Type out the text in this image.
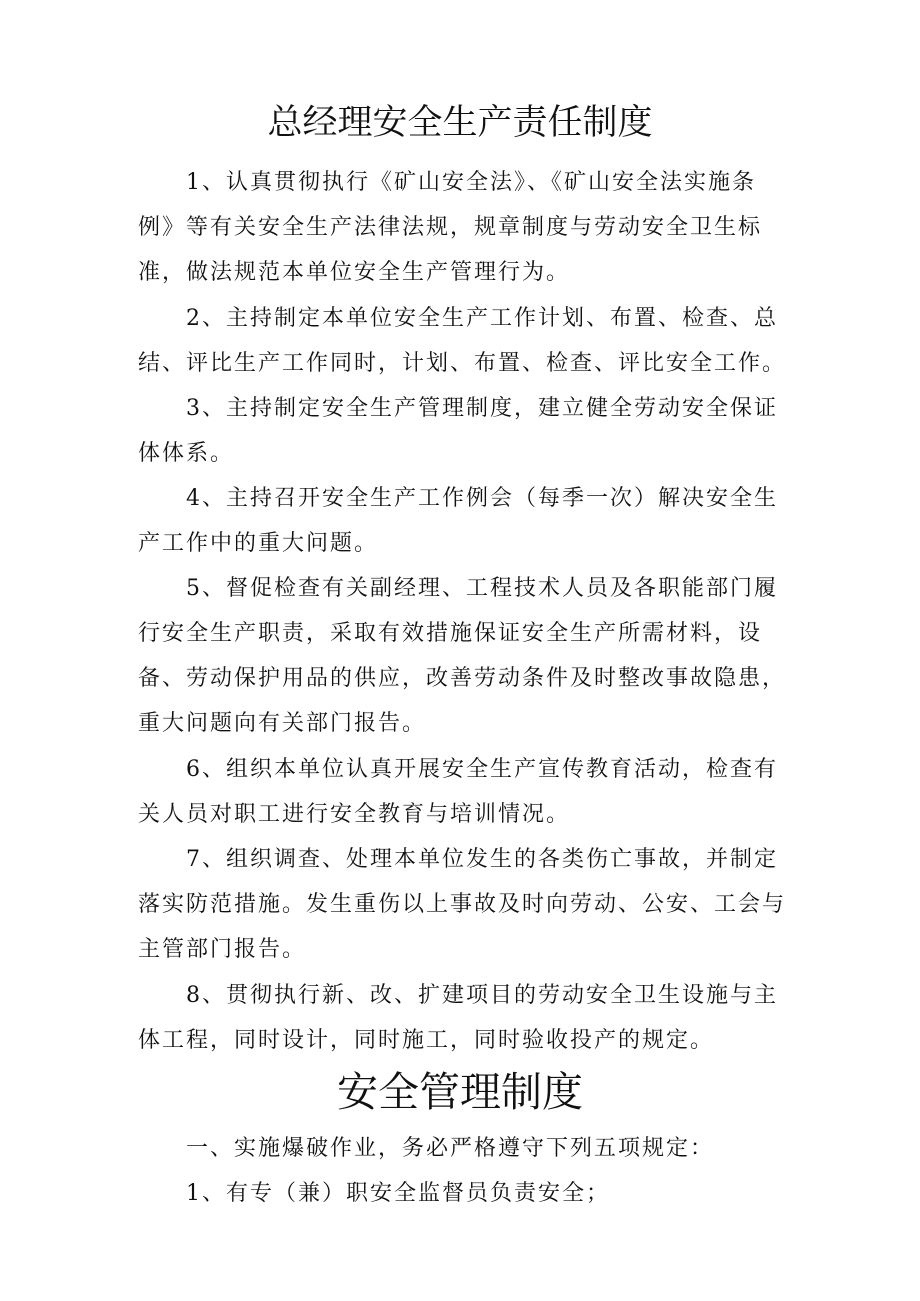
总经理安全生产责任制度

1、认真贯彻执行《矿山安全法》、《矿山安全法实施条例》等有关安全生产法律法规，规章制度与劳动安全卫生标准，做法规范本单位安全生产管理行为。

2、主持制定本单位安全生产工作计划、布置、检查、总结、评比生产工作同时，计划、布置、检查、评比安全工作。

3、主持制定安全生产管理制度，建立健全劳动安全保证体体系。

4、主持召开安全生产工作例会（每季一次）解决安全生产工作中的重大问题。

5、督促检查有关副经理、工程技术人员及各职能部门履行安全生产职责，采取有效措施保证安全生产所需材料，设备、劳动保护用品的供应，改善劳动条件及时整改事故隐患，重大问题向有关部门报告。

6、组织本单位认真开展安全生产宣传教育活动，检查有关人员对职工进行安全教育与培训情况。

7、组织调查、处理本单位发生的各类伤亡事故，并制定落实防范措施。发生重伤以上事故及时向劳动、公安、工会与主管部门报告。

8、贯彻执行新、改、扩建项目的劳动安全卫生设施与主体工程，同时设计，同时施工，同时验收投产的规定。

安全管理制度

一、实施爆破作业，务必严格遵守下列五项规定：

1、有专（兼）职安全监督员负责安全；
